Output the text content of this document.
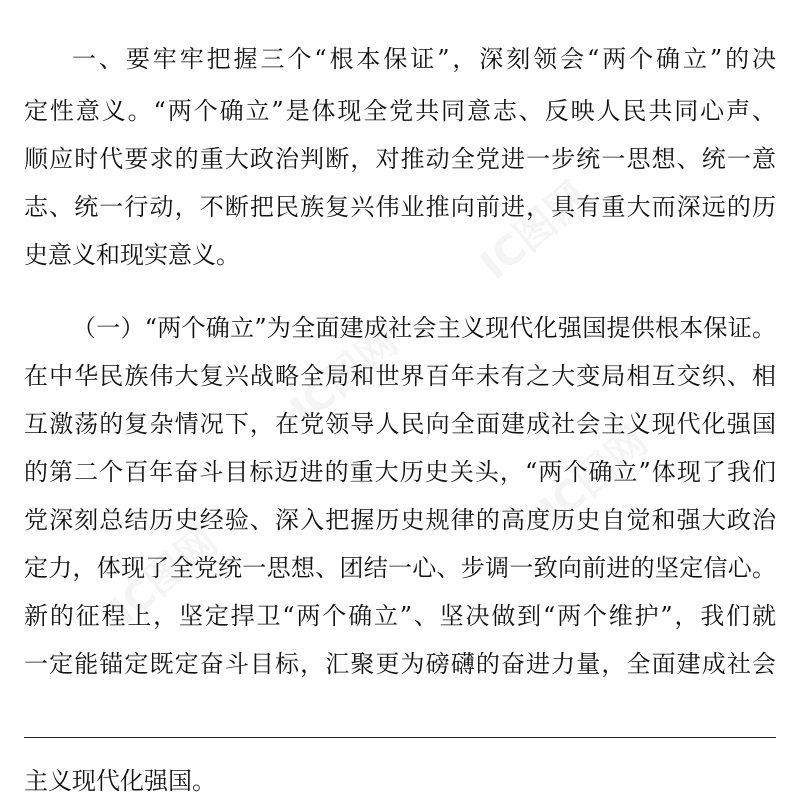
IC图网
IC图网
IC图网
IC图网
一、要牢牢把握三个“根本保证”，深刻领会“两个确立”的决
定性意义。“两个确立”是体现全党共同意志、反映人民共同心声、
顺应时代要求的重大政治判断，对推动全党进一步统一思想、统一意
志、统一行动，不断把民族复兴伟业推向前进，具有重大而深远的历
史意义和现实意义。
（一）“两个确立”为全面建成社会主义现代化强国提供根本保证。
在中华民族伟大复兴战略全局和世界百年未有之大变局相互交织、相
互激荡的复杂情况下，在党领导人民向全面建成社会主义现代化强国
的第二个百年奋斗目标迈进的重大历史关头，“两个确立”体现了我们
党深刻总结历史经验、深入把握历史规律的高度历史自觉和强大政治
定力，体现了全党统一思想、团结一心、步调一致向前进的坚定信心。
新的征程上，坚定捍卫“两个确立”、坚决做到“两个维护”，我们就
一定能锚定既定奋斗目标，汇聚更为磅礴的奋进力量，全面建成社会
主义现代化强国。
